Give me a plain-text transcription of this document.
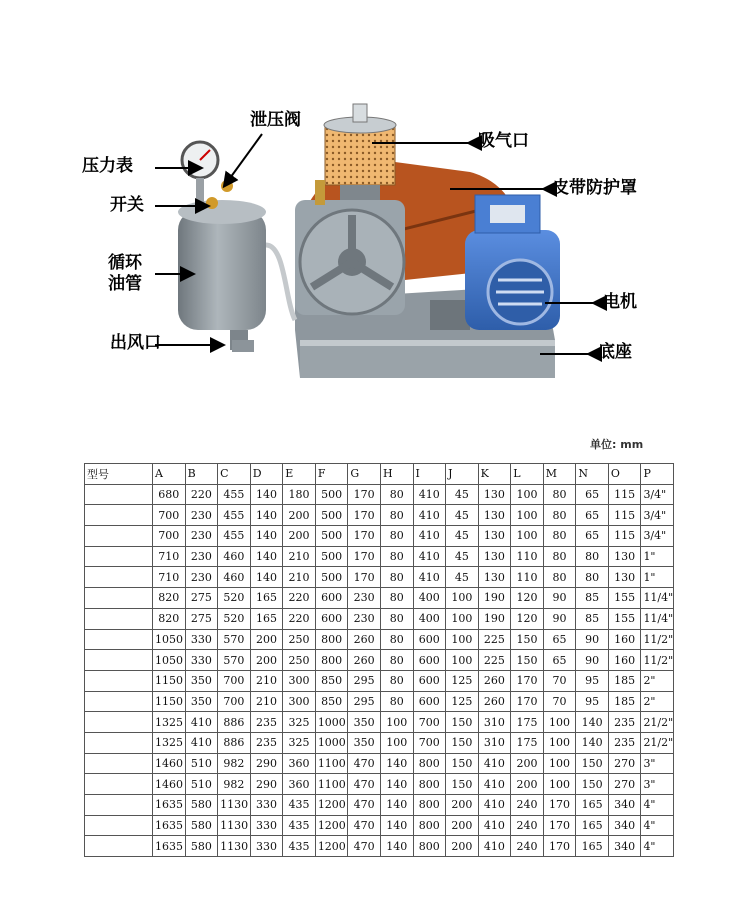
泄压阀
压力表
开关
循环
油管
出风口
吸气口
皮带防护罩
电机
底座
单位: mm
型号	A	B	C	D	E	F	G	H	I	J	K	L	M	N	O	P
	680	220	455	140	180	500	170	80	410	45	130	100	80	65	115	3/4"
	700	230	455	140	200	500	170	80	410	45	130	100	80	65	115	3/4"
	700	230	455	140	200	500	170	80	410	45	130	100	80	65	115	3/4"
	710	230	460	140	210	500	170	80	410	45	130	110	80	80	130	1"
	710	230	460	140	210	500	170	80	410	45	130	110	80	80	130	1"
	820	275	520	165	220	600	230	80	400	100	190	120	90	85	155	11/4"
	820	275	520	165	220	600	230	80	400	100	190	120	90	85	155	11/4"
	1050	330	570	200	250	800	260	80	600	100	225	150	65	90	160	11/2"
	1050	330	570	200	250	800	260	80	600	100	225	150	65	90	160	11/2"
	1150	350	700	210	300	850	295	80	600	125	260	170	70	95	185	2"
	1150	350	700	210	300	850	295	80	600	125	260	170	70	95	185	2"
	1325	410	886	235	325	1000	350	100	700	150	310	175	100	140	235	21/2"
	1325	410	886	235	325	1000	350	100	700	150	310	175	100	140	235	21/2"
	1460	510	982	290	360	1100	470	140	800	150	410	200	100	150	270	3"
	1460	510	982	290	360	1100	470	140	800	150	410	200	100	150	270	3"
	1635	580	1130	330	435	1200	470	140	800	200	410	240	170	165	340	4"
	1635	580	1130	330	435	1200	470	140	800	200	410	240	170	165	340	4"
	1635	580	1130	330	435	1200	470	140	800	200	410	240	170	165	340	4"
